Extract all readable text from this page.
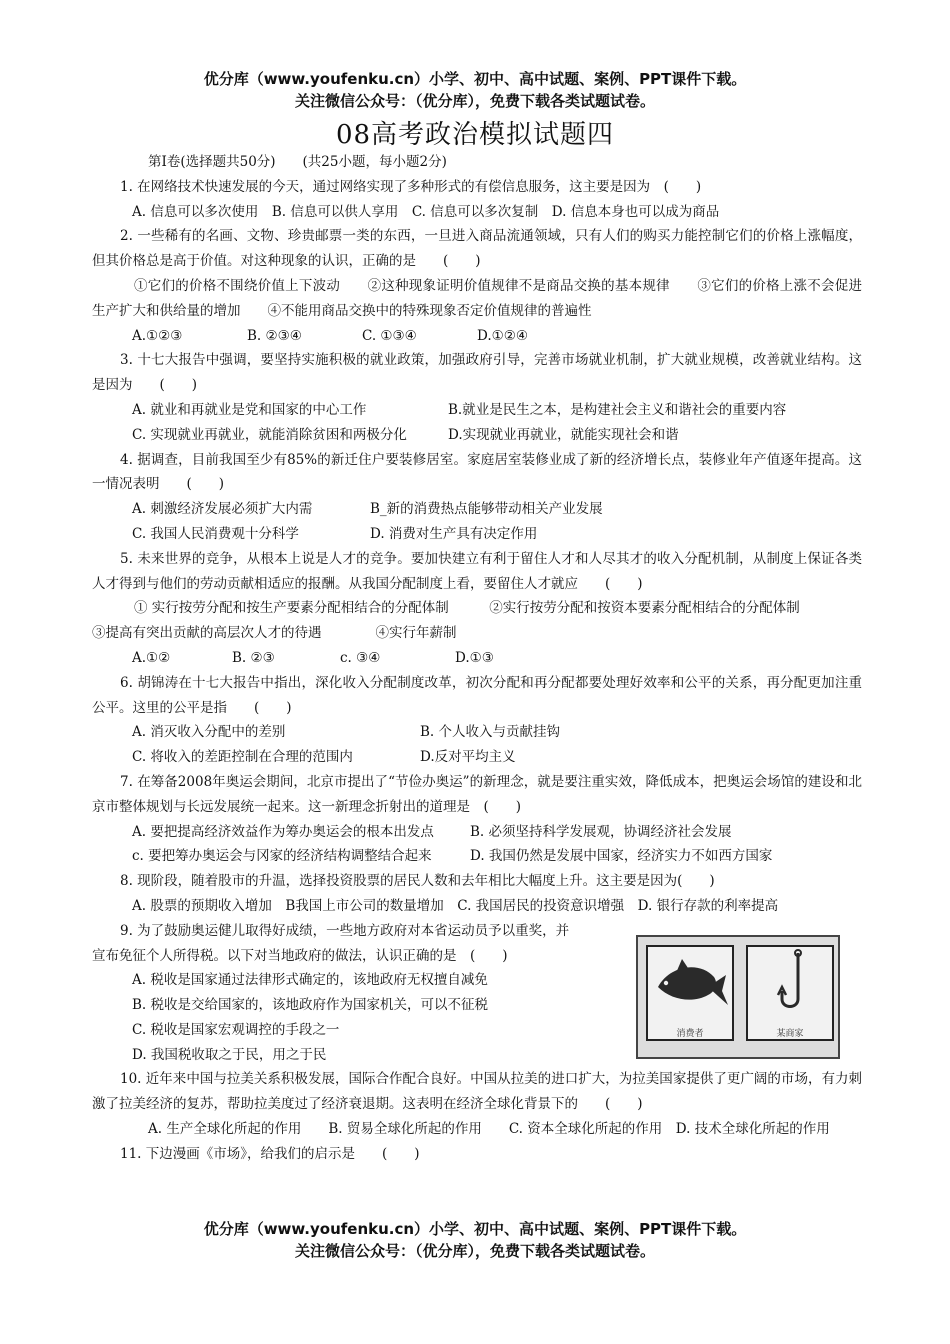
优分库（www.youfenku.cn）小学、初中、高中试题、案例、PPT课件下载。
关注微信公众号：（优分库），免费下载各类试题试卷。
08高考政治模拟试题四
第Ⅰ卷(选择题共50分)　　(共25小题，每小题2分)
1. 在网络技术快速发展的今天，通过网络实现了多种形式的有偿信息服务，这主要是因为　(　　)
A. 信息可以多次使用　B. 信息可以供人享用　C. 信息可以多次复制　D. 信息本身也可以成为商品
2. 一些稀有的名画、文物、珍贵邮票一类的东西，一旦进入商品流通领域，只有人们的购买力能控制它们的价格上涨幅度，但其价格总是高于价值。对这种现象的认识，正确的是　　(　　)
①它们的价格不围绕价值上下波动　　②这种现象证明价值规律不是商品交换的基本规律　　③它们的价格上涨不会促进生产扩大和供给量的增加　　④不能用商品交换中的特殊现象否定价值规律的普遍性
A.①②③	B. ②③④	C. ①③④	D.①②④
3. 十七大报告中强调，要坚持实施积极的就业政策，加强政府引导，完善市场就业机制，扩大就业规模，改善就业结构。这是因为　　(　　)
A. 就业和再就业是党和国家的中心工作	B.就业是民生之本，是构建社会主义和谐社会的重要内容
C. 实现就业再就业，就能消除贫困和两极分化	D.实现就业再就业，就能实现社会和谐
4. 据调查，目前我国至少有85%的新迁住户要装修居室。家庭居室装修业成了新的经济增长点，装修业年产值逐年提高。这一情况表明　　(　　)
A. 刺激经济发展必须扩大内需	B_新的消费热点能够带动相关产业发展
C. 我国人民消费观十分科学	D. 消费对生产具有决定作用
5. 未来世界的竞争，从根本上说是人才的竞争。要加快建立有利于留住人才和人尽其才的收入分配机制，从制度上保证各类人才得到与他们的劳动贡献相适应的报酬。从我国分配制度上看，要留住人才就应　　(　　)
① 实行按劳分配和按生产要素分配相结合的分配体制　　　②实行按劳分配和按资本要素分配相结合的分配体制
③提高有突出贡献的高层次人才的待遇　　　　④实行年薪制
A.①②	B. ②③	c. ③④	D.①③
6. 胡锦涛在十七大报告中指出，深化收入分配制度改革，初次分配和再分配都要处理好效率和公平的关系，再分配更加注重公平。这里的公平是指　　(　　)
A. 消灭收入分配中的差别	B. 个人收入与贡献挂钩
C. 将收入的差距控制在合理的范围内	D.反对平均主义
7. 在筹备2008年奥运会期间，北京市提出了“节俭办奥运”的新理念，就是要注重实效，降低成本，把奥运会场馆的建设和北京市整体规划与长远发展统一起来。这一新理念折射出的道理是　(　　)
A. 要把提高经济效益作为筹办奥运会的根本出发点	B. 必须坚持科学发展观，协调经济社会发展
c. 要把筹办奥运会与冈家的经济结构调整结合起来	D. 我国仍然是发展中国家，经济实力不如西方国家
8. 现阶段，随着股市的升温，选择投资股票的居民人数和去年相比大幅度上升。这主要是因为(　　)
A. 股票的预期收入增加　B我国上市公司的数量增加　C. 我国居民的投资意识增强　D. 银行存款的利率提高
9. 为了鼓励奥运健儿取得好成绩，一些地方政府对本省运动员予以重奖，并
宣布免征个人所得税。以下对当地政府的做法，认识正确的是　(　　)
A. 税收是国家通过法律形式确定的，该地政府无权擅自减免
B. 税收是交给国家的，该地政府作为国家机关，可以不征税
C. 税收是国家宏观调控的手段之一
D. 我国税收取之于民，用之于民
10. 近年来中国与拉美关系积极发展，国际合作配合良好。中国从拉美的进口扩大，为拉美国家提供了更广阔的市场，有力刺激了拉美经济的复苏，帮助拉美度过了经济衰退期。这表明在经济全球化背景下的　　(　　)
A. 生产全球化所起的作用　　B. 贸易全球化所起的作用　　C. 资本全球化所起的作用　D. 技术全球化所起的作用
11. 下边漫画《市场》，给我们的启示是　　(　　)
消费者	某商家
优分库（www.youfenku.cn）小学、初中、高中试题、案例、PPT课件下载。
关注微信公众号：（优分库），免费下载各类试题试卷。
